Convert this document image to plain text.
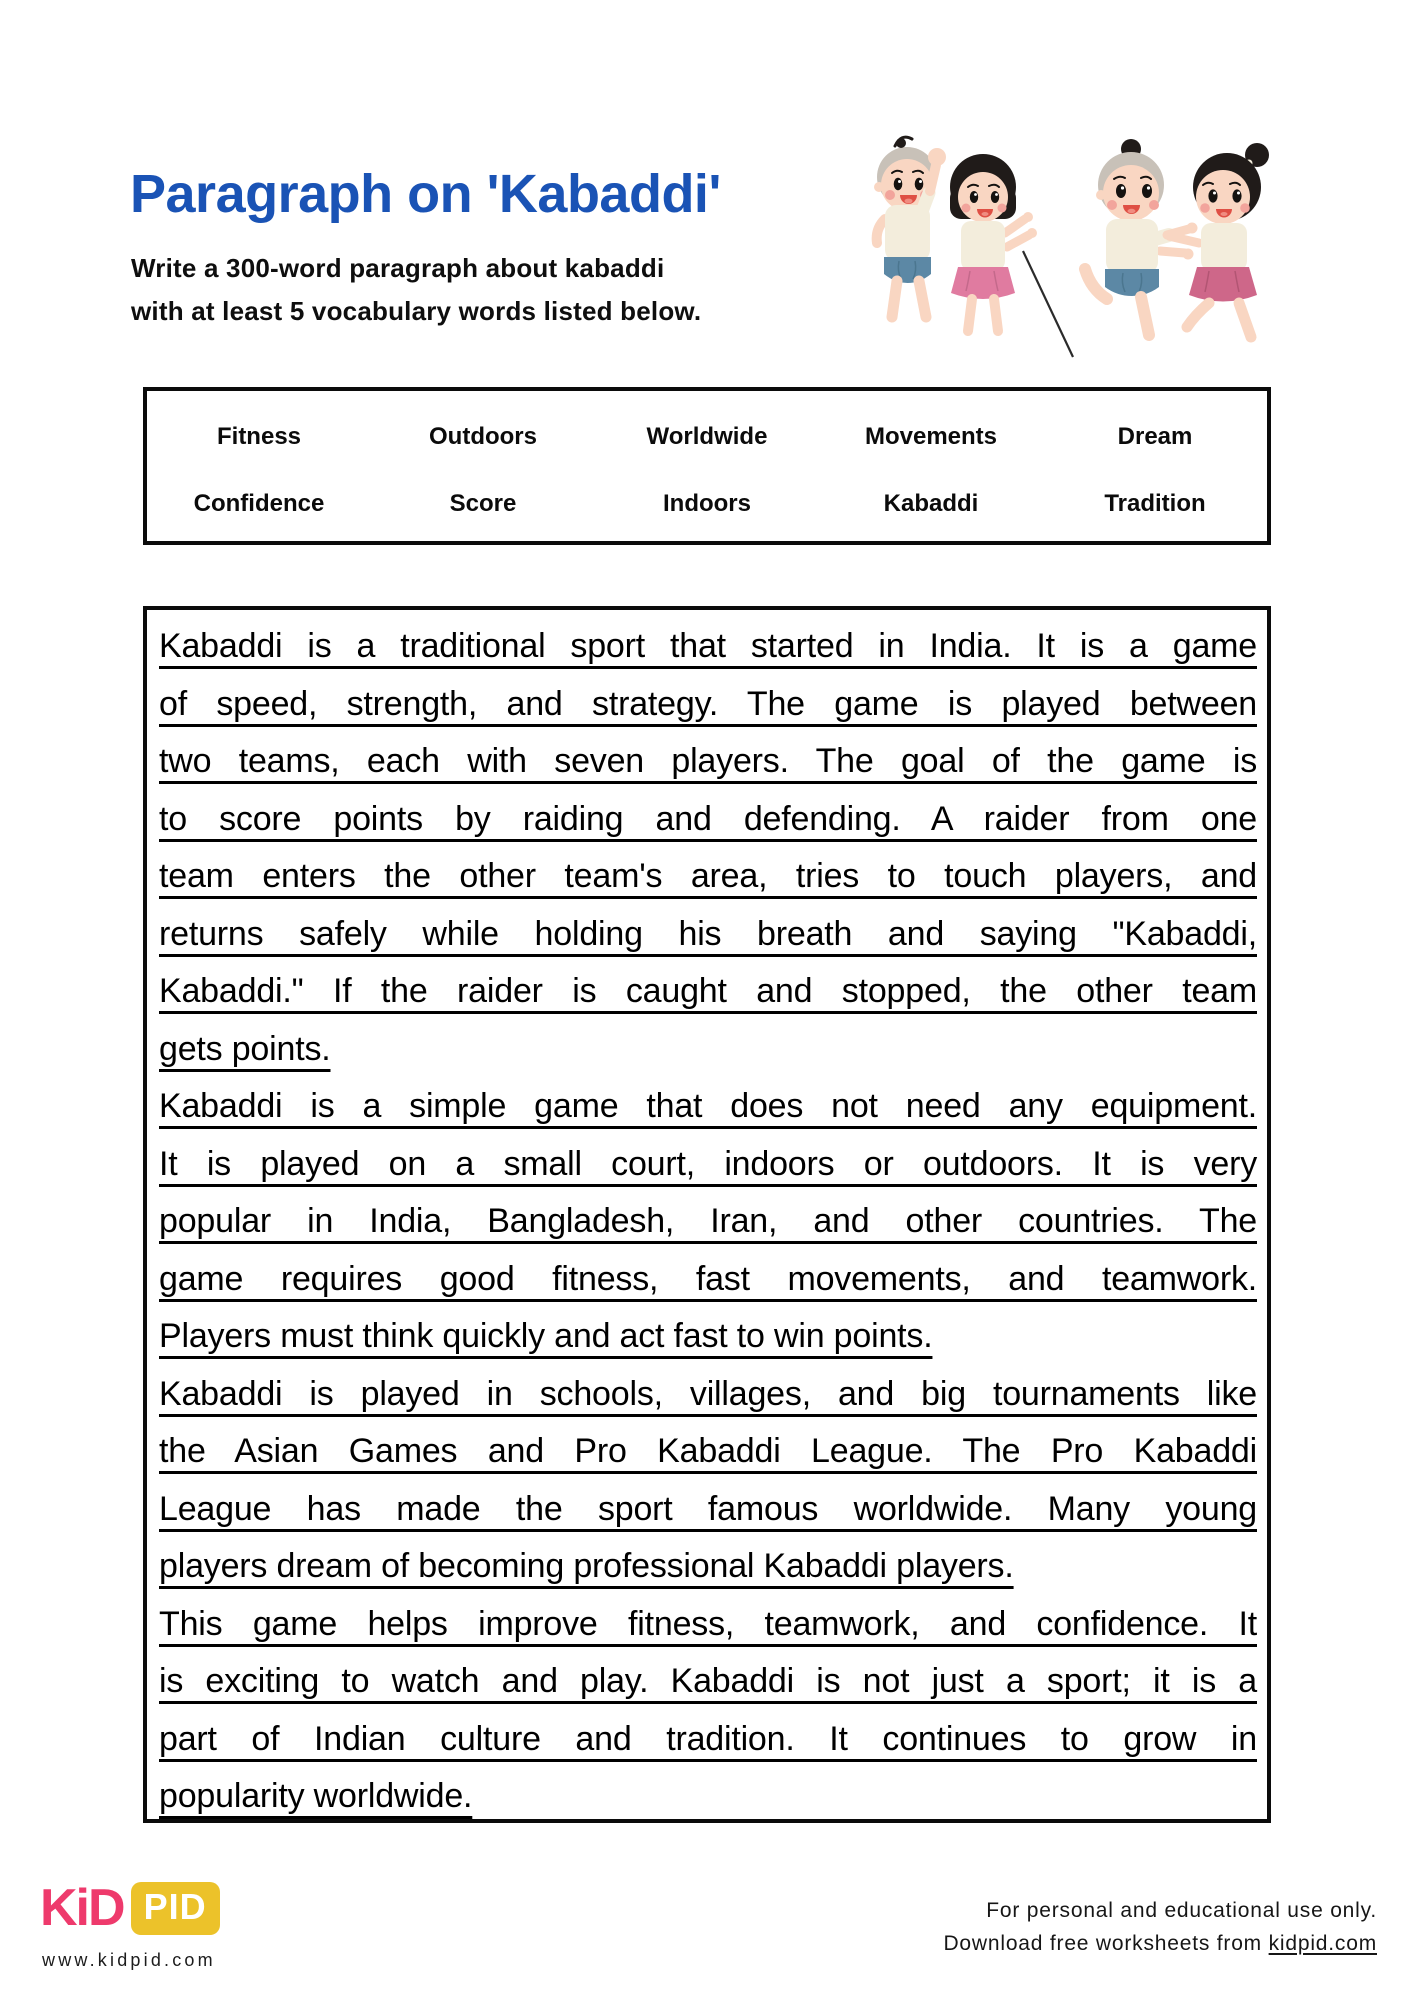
Paragraph on 'Kabaddi'
Write a 300-word paragraph about kabaddi
with at least 5 vocabulary words listed below.
Fitness	Outdoors	Worldwide	Movements	Dream
Confidence	Score	Indoors	Kabaddi	Tradition
Kabaddi is a traditional sport that started in India. It is a game
of speed, strength, and strategy. The game is played between
two teams, each with seven players. The goal of the game is
to score points by raiding and defending. A raider from one
team enters the other team's area, tries to touch players, and
returns safely while holding his breath and saying "Kabaddi,
Kabaddi." If the raider is caught and stopped, the other team
gets points.
Kabaddi is a simple game that does not need any equipment.
It is played on a small court, indoors or outdoors. It is very
popular in India, Bangladesh, Iran, and other countries. The
game requires good fitness, fast movements, and teamwork.
Players must think quickly and act fast to win points.
Kabaddi is played in schools, villages, and big tournaments like
the Asian Games and Pro Kabaddi League. The Pro Kabaddi
League has made the sport famous worldwide. Many young
players dream of becoming professional Kabaddi players.
This game helps improve fitness, teamwork, and confidence. It
is exciting to watch and play. Kabaddi is not just a sport; it is a
part of Indian culture and tradition. It continues to grow in
popularity worldwide.
KiD PID
www.kidpid.com
For personal and educational use only.
Download free worksheets from kidpid.com
